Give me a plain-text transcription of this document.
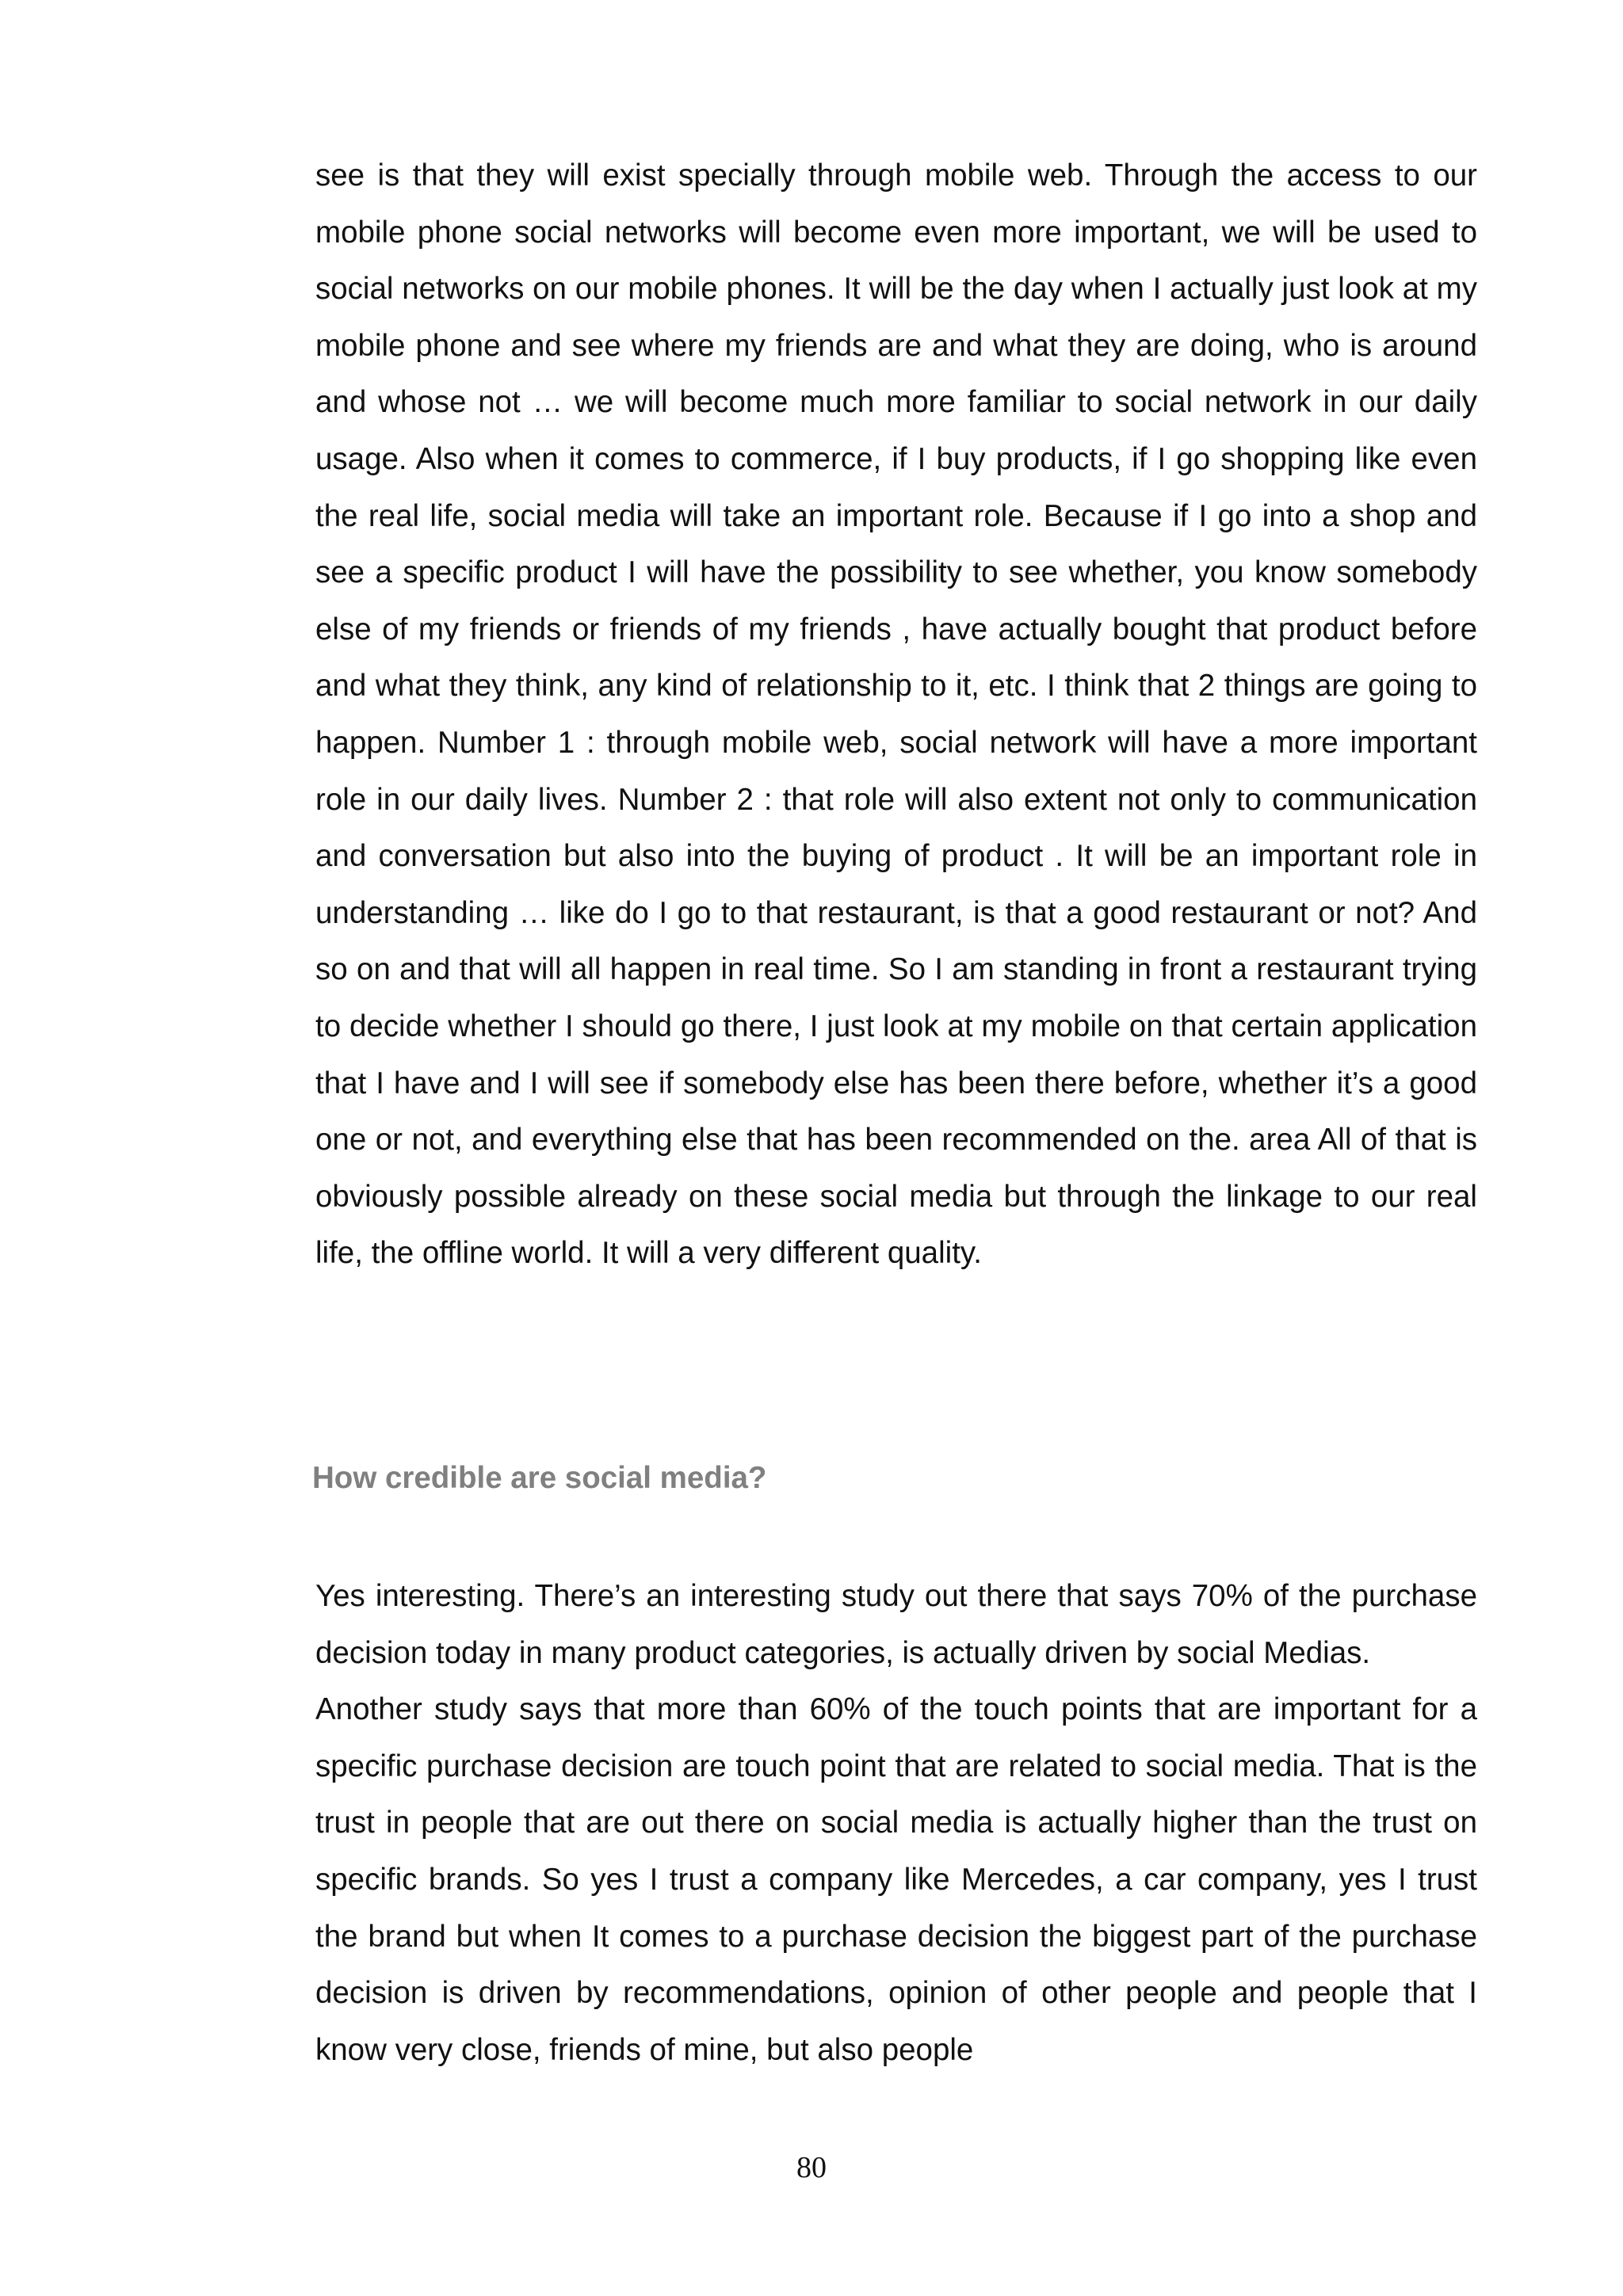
see is that they will exist specially through mobile web. Through the access to our mobile phone social networks will become even more important, we will be used to social networks on our mobile phones. It will be the day when I actually just look at my mobile phone and see where my friends are and what they are doing, who is around and whose not … we will become much more familiar to social network in our daily usage. Also when it comes to commerce, if I buy products, if I go shopping like even the real life, social media will take an important role. Because if I go into a shop and see a specific product I will have the possibility to see whether, you know somebody else of my friends or friends of my friends , have actually bought that product before and what they think, any kind of relationship to it, etc. I think that 2 things are going to happen. Number 1 : through mobile web, social network will have a more important role in our daily lives. Number 2 : that role will also extent not only to communication and conversation but also into the buying of product . It will be an important role in understanding … like do I go to that restaurant, is that a good restaurant or not? And so on and that will all happen in real time. So I am standing in front a restaurant trying to decide whether I should go there, I just look at my mobile on that certain application that I have and I will see if somebody else has been there before, whether it’s a good one or not, and everything else that has been recommended on the. area All of that is obviously possible already on these social media but through the linkage to our real life, the offline world. It will a very different quality.

How credible are social media?

Yes interesting. There’s an interesting study out there that says 70% of the purchase decision today in many product categories, is actually driven by social Medias.

Another study says that more than 60% of the touch points that are important for a specific purchase decision are touch point that are related to social media. That is the trust in people that are out there on social media is actually higher than the trust on specific brands. So yes I trust a company like Mercedes, a car company, yes I trust the brand but when It comes to a purchase decision the biggest part of the purchase decision is driven by recommendations, opinion of other people and people that I know very close, friends of mine, but also people

80
